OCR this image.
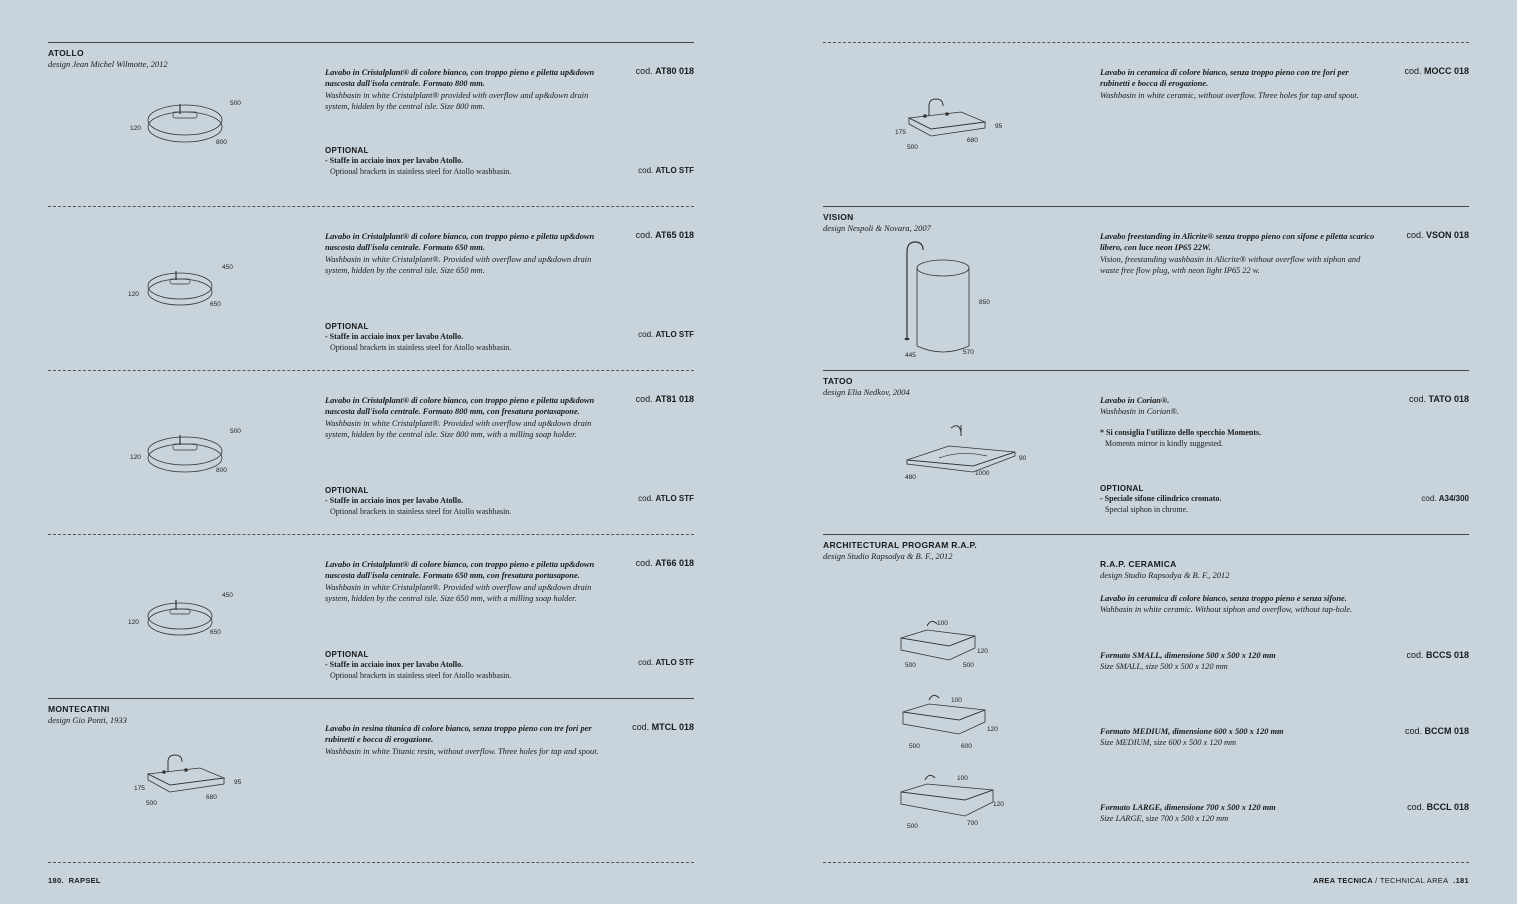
ATOLLO
design Jean Michel Wilmotte, 2012
500
120
800
Lavabo in Cristalplant® di colore bianco, con troppo pieno e piletta up&down nascosta dall'isola centrale. Formato 800 mm.
Washbasin in white Cristalplant® provided with overflow and up&down drain system, hidden by the central isle. Size 800 mm.
cod. AT80 018
OPTIONAL
- Staffe in acciaio inox per lavabo Atollo.
Optional brackets in stainless steel for Atollo washbasin.	cod. ATLO STF
450
120
650
Lavabo in Cristalplant® di colore bianco, con troppo pieno e piletta up&down nascosta dall'isola centrale. Formato 650 mm.
Washbasin in white Cristalplant®. Provided with overflow and up&down drain system, hidden by the central isle. Size 650 mm.
cod. AT65 018
OPTIONAL
- Staffe in acciaio inox per lavabo Atollo.
Optional brackets in stainless steel for Atollo washbasin.
cod. ATLO STF
500
120
800
Lavabo in Cristalplant® di colore bianco, con troppo pieno e piletta up&down nascosta dall'isola centrale. Formato 800 mm, con fresatura portasapone.
Washbasin in white Cristalplant®. Provided with overflow and up&down drain system, hidden by the central isle. Size 800 mm, with a milling soap holder.
cod. AT81 018
OPTIONAL
- Staffe in acciaio inox per lavabo Atollo.
Optional brackets in stainless steel for Atollo washbasin.
cod. ATLO STF
450
120
650
Lavabo in Cristalplant® di colore bianco, con troppo pieno e piletta up&down nascosta dall'isola centrale. Formato 650 mm, con fresatura portasapone.
Washbasin in white Cristalplant®. Provided with overflow and up&down drain system, hidden by the central isle. Size 650 mm, with a milling soap holder.
cod. AT66 018
OPTIONAL
- Staffe in acciaio inox per lavabo Atollo.
Optional brackets in stainless steel for Atollo washbasin.
cod. ATLO STF
MONTECATINI
design Gio Ponti, 1933
175
95
500
680
Lavabo in resina titanica di colore bianco, senza troppo pieno con tre fori per rubinetti e bocca di erogazione.
Washbasin in white Titanic resin, without overflow. Three holes for tap and spout.
cod. MTCL 018
180. RAPSEL
175
95
500
680
Lavabo in ceramica di colore bianco, senza troppo pieno con tre fori per rubinetti e bocca di erogazione.
Washbasin in white ceramic, without overflow. Three holes for tap and spout.
cod. MOCC 018
VISION
design Nespoli & Novara, 2007
850
445	570
Lavabo freestanding in Alicrite® senza troppo pieno con sifone e piletta scarico libero, con luce neon IP65 22W.
Vision, freestanding washbasin in Alicrite® without overflow with siphon and waste free flow plug, with neon light IP65 22 w.
cod. VSON 018
TATOO
design Elia Nedkov, 2004
90
480
1000
Lavabo in Corian®.
Washbasin in Corian®.
* Si consiglia l'utilizzo dello specchio Moments.
Moments mirror is kindly suggested.
cod. TATO 018
OPTIONAL
- Speciale sifone cilindrico cromato.
Special siphon in chrome.
cod. A34/300
ARCHITECTURAL PROGRAM R.A.P.
design Studio Rapsodya & B. F., 2012
R.A.P. CERAMICA
design Studio Rapsodya & B. F., 2012
Lavabo in ceramica di colore bianco, senza troppo pieno e senza sifone.
Wahbasin in white ceramic. Without siphon and overflow, without tap-hole.
100
120
500	500
Formato SMALL, dimensione 500 x 500 x 120 mm
Size SMALL, size 500 x 500 x 120 mm
cod. BCCS 018
100
120
500	600
Formato MEDIUM, dimensione 600 x 500 x 120 mm
Size MEDIUM, size 600 x 500 x 120 mm
cod. BCCM 018
100
120
500	700
Formato LARGE, dimensione 700 x 500 x 120 mm
Size LARGE, size 700 x 500 x 120 mm
cod. BCCL 018
AREA TECNICA / TECHNICAL AREA .181
